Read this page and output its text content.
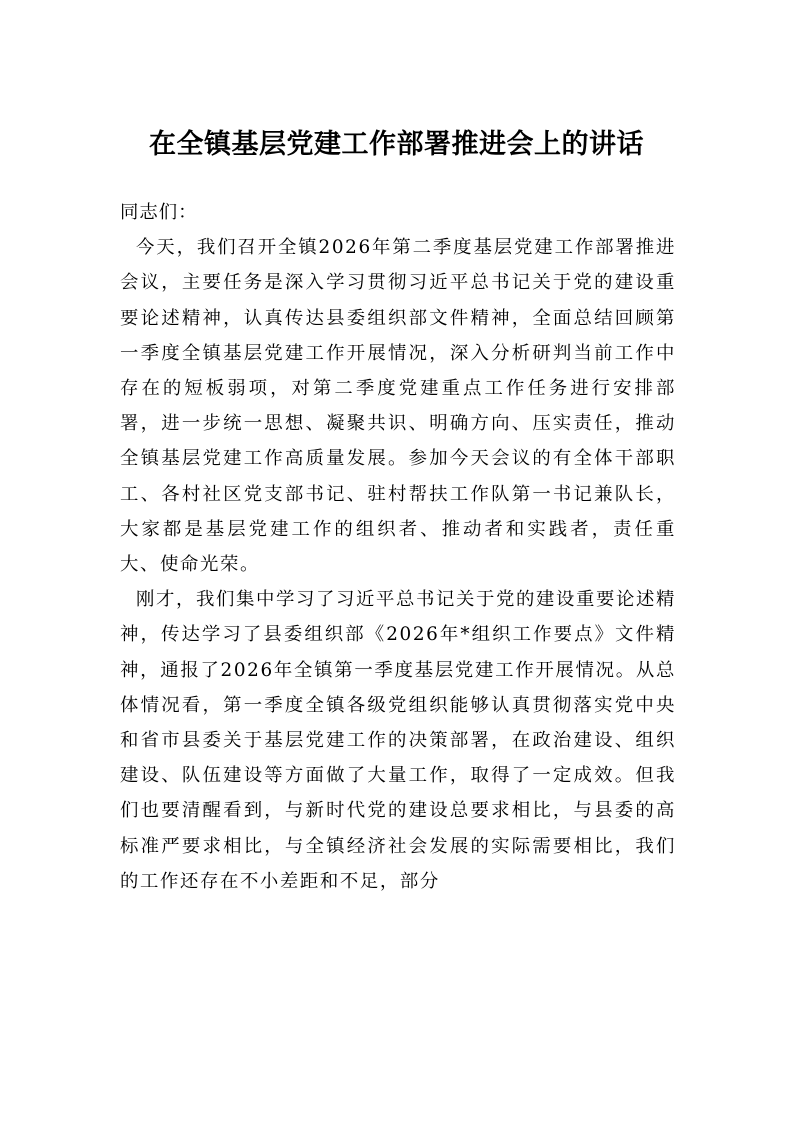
在全镇基层党建工作部署推进会上的讲话

同志们：

今天，我们召开全镇2026年第二季度基层党建工作部署推进会议，主要任务是深入学习贯彻习近平总书记关于党的建设重要论述精神，认真传达县委组织部文件精神，全面总结回顾第一季度全镇基层党建工作开展情况，深入分析研判当前工作中存在的短板弱项，对第二季度党建重点工作任务进行安排部署，进一步统一思想、凝聚共识、明确方向、压实责任，推动全镇基层党建工作高质量发展。参加今天会议的有全体干部职工、各村社区党支部书记、驻村帮扶工作队第一书记兼队长，大家都是基层党建工作的组织者、推动者和实践者，责任重大、使命光荣。

刚才，我们集中学习了习近平总书记关于党的建设重要论述精神，传达学习了县委组织部《2026年*组织工作要点》文件精神，通报了2026年全镇第一季度基层党建工作开展情况。从总体情况看，第一季度全镇各级党组织能够认真贯彻落实党中央和省市县委关于基层党建工作的决策部署，在政治建设、组织建设、队伍建设等方面做了大量工作，取得了一定成效。但我们也要清醒看到，与新时代党的建设总要求相比，与县委的高标准严要求相比，与全镇经济社会发展的实际需要相比，我们的工作还存在不小差距和不足，部分
